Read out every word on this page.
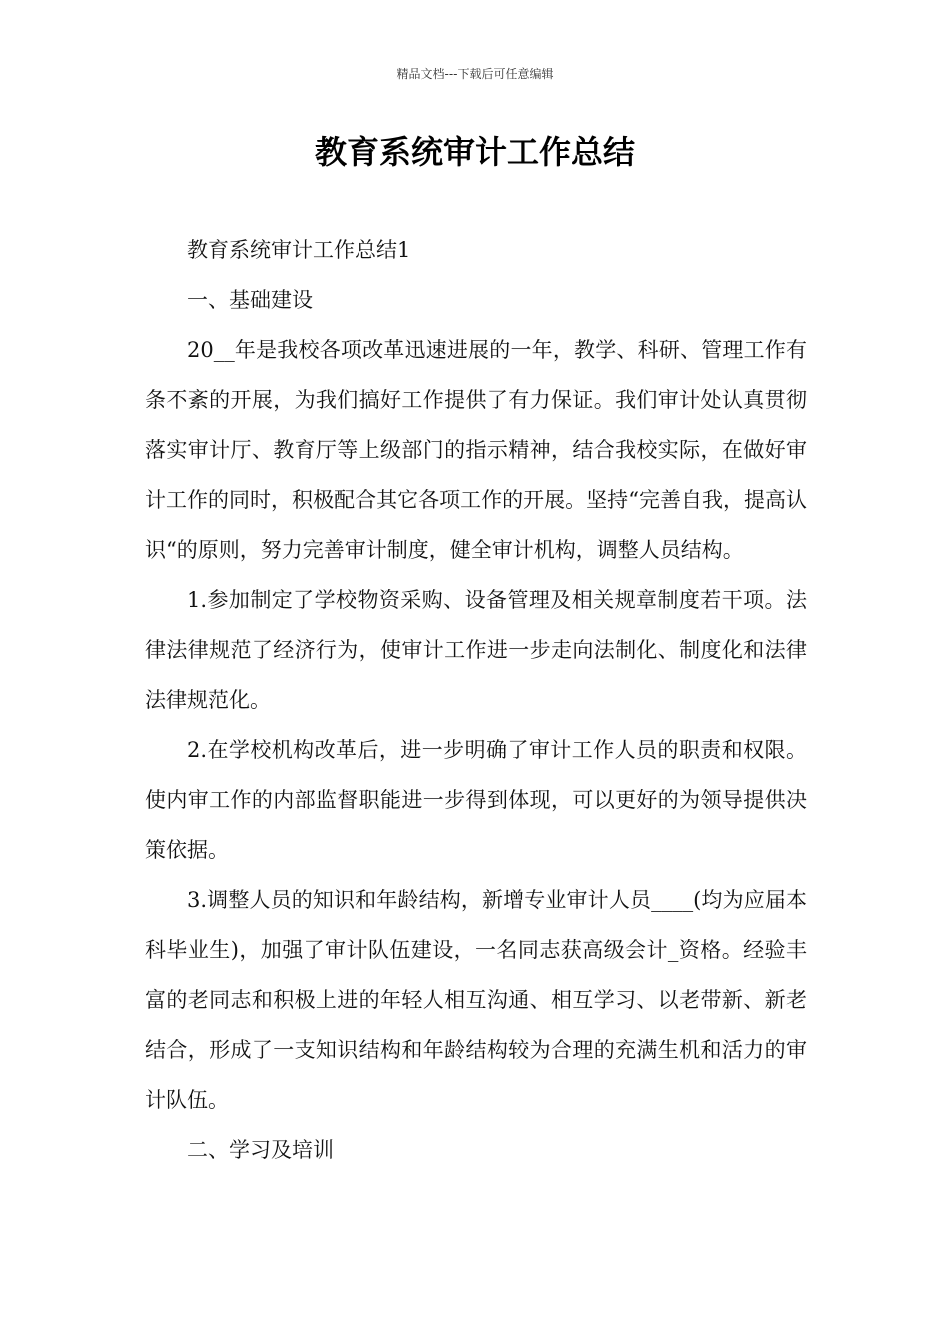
精品文档---下载后可任意编辑
教育系统审计工作总结

教育系统审计工作总结1

一、基础建设

20__年是我校各项改革迅速进展的一年，教学、科研、管理工作有条不紊的开展，为我们搞好工作提供了有力保证。我们审计处认真贯彻落实审计厅、教育厅等上级部门的指示精神，结合我校实际，在做好审计工作的同时，积极配合其它各项工作的开展。坚持“完善自我，提高认识“的原则，努力完善审计制度，健全审计机构，调整人员结构。

1.参加制定了学校物资采购、设备管理及相关规章制度若干项。法律法律规范了经济行为，使审计工作进一步走向法制化、制度化和法律法律规范化。

2.在学校机构改革后，进一步明确了审计工作人员的职责和权限。使内审工作的内部监督职能进一步得到体现，可以更好的为领导提供决策依据。

3.调整人员的知识和年龄结构，新增专业审计人员____(均为应届本科毕业生)，加强了审计队伍建设，一名同志获高级会计_资格。经验丰富的老同志和积极上进的年轻人相互沟通、相互学习、以老带新、新老结合，形成了一支知识结构和年龄结构较为合理的充满生机和活力的审计队伍。

二、学习及培训
